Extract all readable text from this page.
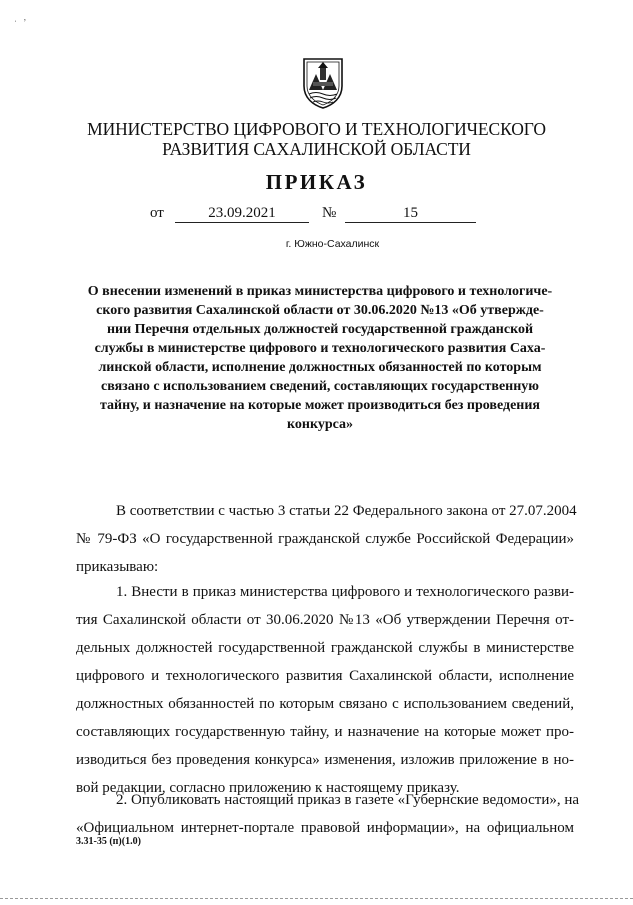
ˌ   ,
МИНИСТЕРСТВО ЦИФРОВОГО И ТЕХНОЛОГИЧЕСКОГО
РАЗВИТИЯ САХАЛИНСКОЙ ОБЛАСТИ
ПРИКАЗ
от	23.09.2021	№	15
г. Южно-Сахалинск
О внесении изменений в приказ министерства цифрового и технологиче-
ского развития Сахалинской области от 30.06.2020 №13 «Об утвержде-
нии Перечня отдельных должностей государственной гражданской
службы в министерстве цифрового и технологического развития Саха-
линской области, исполнение должностных обязанностей по которым
связано с использованием сведений, составляющих государственную
тайну, и назначение на которые может производиться без проведения
конкурса»
В соответствии с частью 3 статьи 22 Федерального закона от 27.07.2004
№ 79-ФЗ «О государственной гражданской службе Российской Федерации»
приказываю:
1. Внести в приказ министерства цифрового и технологического разви-
тия Сахалинской области от 30.06.2020 №13 «Об утверждении Перечня от-
дельных должностей государственной гражданской службы в министерстве
цифрового и технологического развития Сахалинской области, исполнение
должностных обязанностей по которым связано с использованием сведений,
составляющих государственную тайну, и назначение на которые может про-
изводиться без проведения конкурса» изменения, изложив приложение в но-
вой редакции, согласно приложению к настоящему приказу.
2. Опубликовать настоящий приказ в газете «Губернские ведомости», на
«Официальном интернет-портале правовой информации», на официальном
3.31-35 (п)(1.0)
